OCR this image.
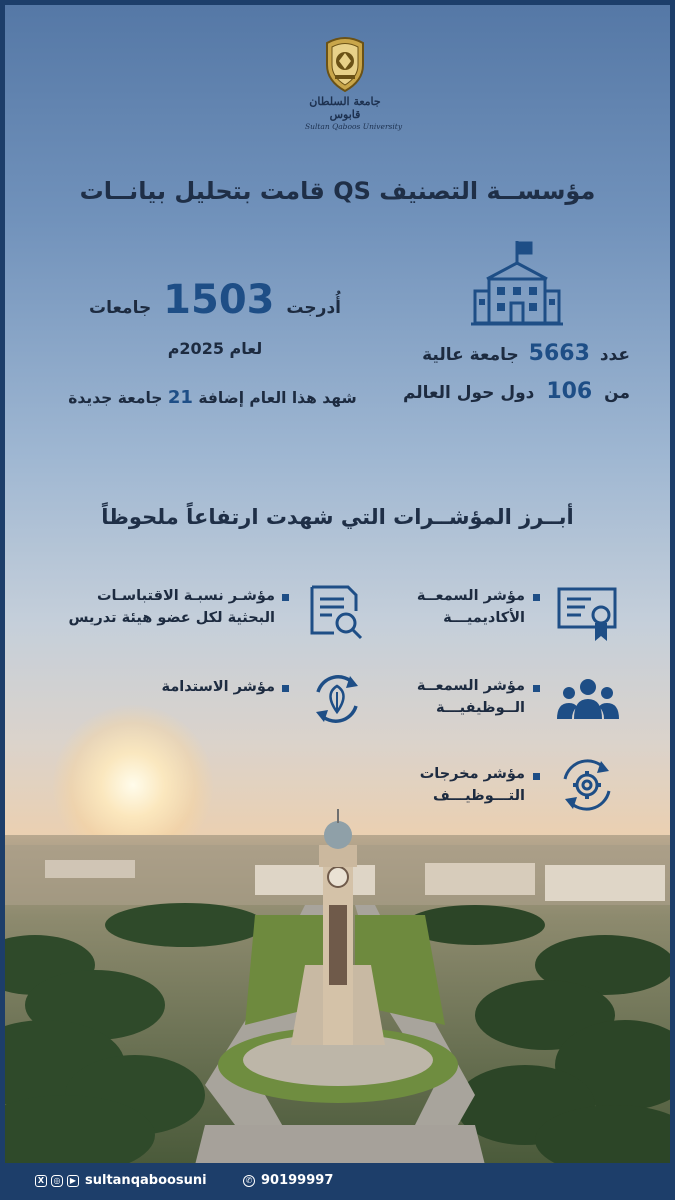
جامعة السلطان قابوس
Sultan Qaboos University
مؤسســة التصنيف QS قامت بتحليل بيانــات
أُدرجت 1503 جامعات
لعام 2025م
شهد هذا العام إضافة 21 جامعة جديدة
عدد 5663 جامعة عالية
من 106 دول حول العالم
أبــرز المؤشــرات التي شهدت ارتفاعاً ملحوظاً
مؤشر السمعــة
الأكاديميـــة
مؤشـر نسبـة الاقتباسـات
البحثية لكل عضو هيئة تدريس
مؤشر السمعــة
الــوظيفيـــة
مؤشر الاستدامة
مؤشر مخرجات
التـــوظيـــف
X	◎	▶ sultanqaboosuni	✆ 90199997
